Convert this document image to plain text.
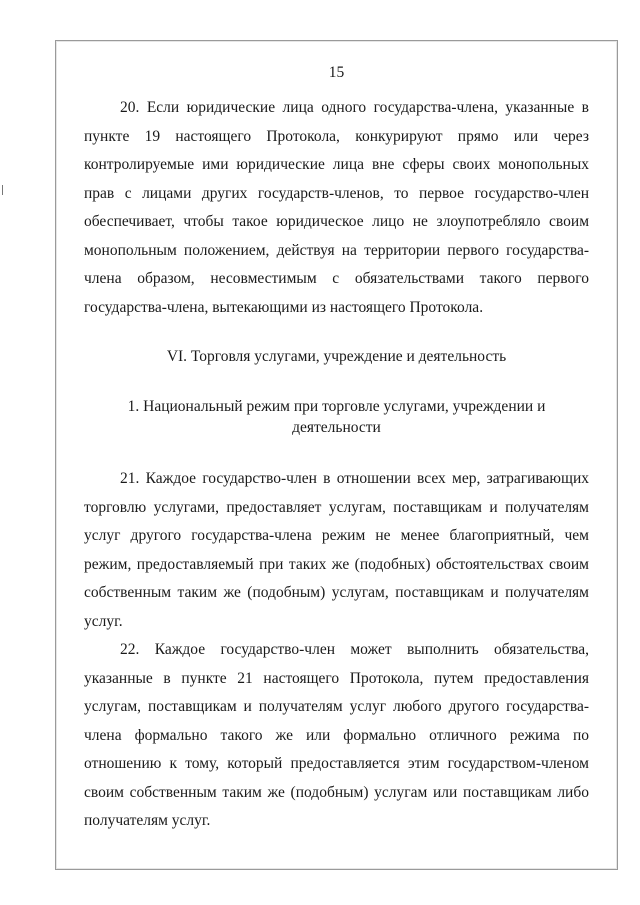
15

20. Если юридические лица одного государства-члена, указанные в пункте 19 настоящего Протокола, конкурируют прямо или через контролируемые ими юридические лица вне сферы своих монопольных прав с лицами других государств-членов, то первое государство-член обеспечивает, чтобы такое юридическое лицо не злоупотребляло своим монопольным положением, действуя на территории первого государства-члена образом, несовместимым с обязательствами такого первого государства-члена, вытекающими из настоящего Протокола.

VI. Торговля услугами, учреждение и деятельность
1. Национальный режим при торговле услугами, учреждении и деятельности

21. Каждое государство-член в отношении всех мер, затрагивающих торговлю услугами, предоставляет услугам, поставщикам и получателям услуг другого государства-члена режим не менее благоприятный, чем режим, предоставляемый при таких же (подобных) обстоятельствах своим собственным таким же (подобным) услугам, поставщикам и получателям услуг.

22. Каждое государство-член может выполнить обязательства, указанные в пункте 21 настоящего Протокола, путем предоставления услугам, поставщикам и получателям услуг любого другого государства-члена формально такого же или формально отличного режима по отношению к тому, который предоставляется этим государством-членом своим собственным таким же (подобным) услугам или поставщикам либо получателям услуг.
